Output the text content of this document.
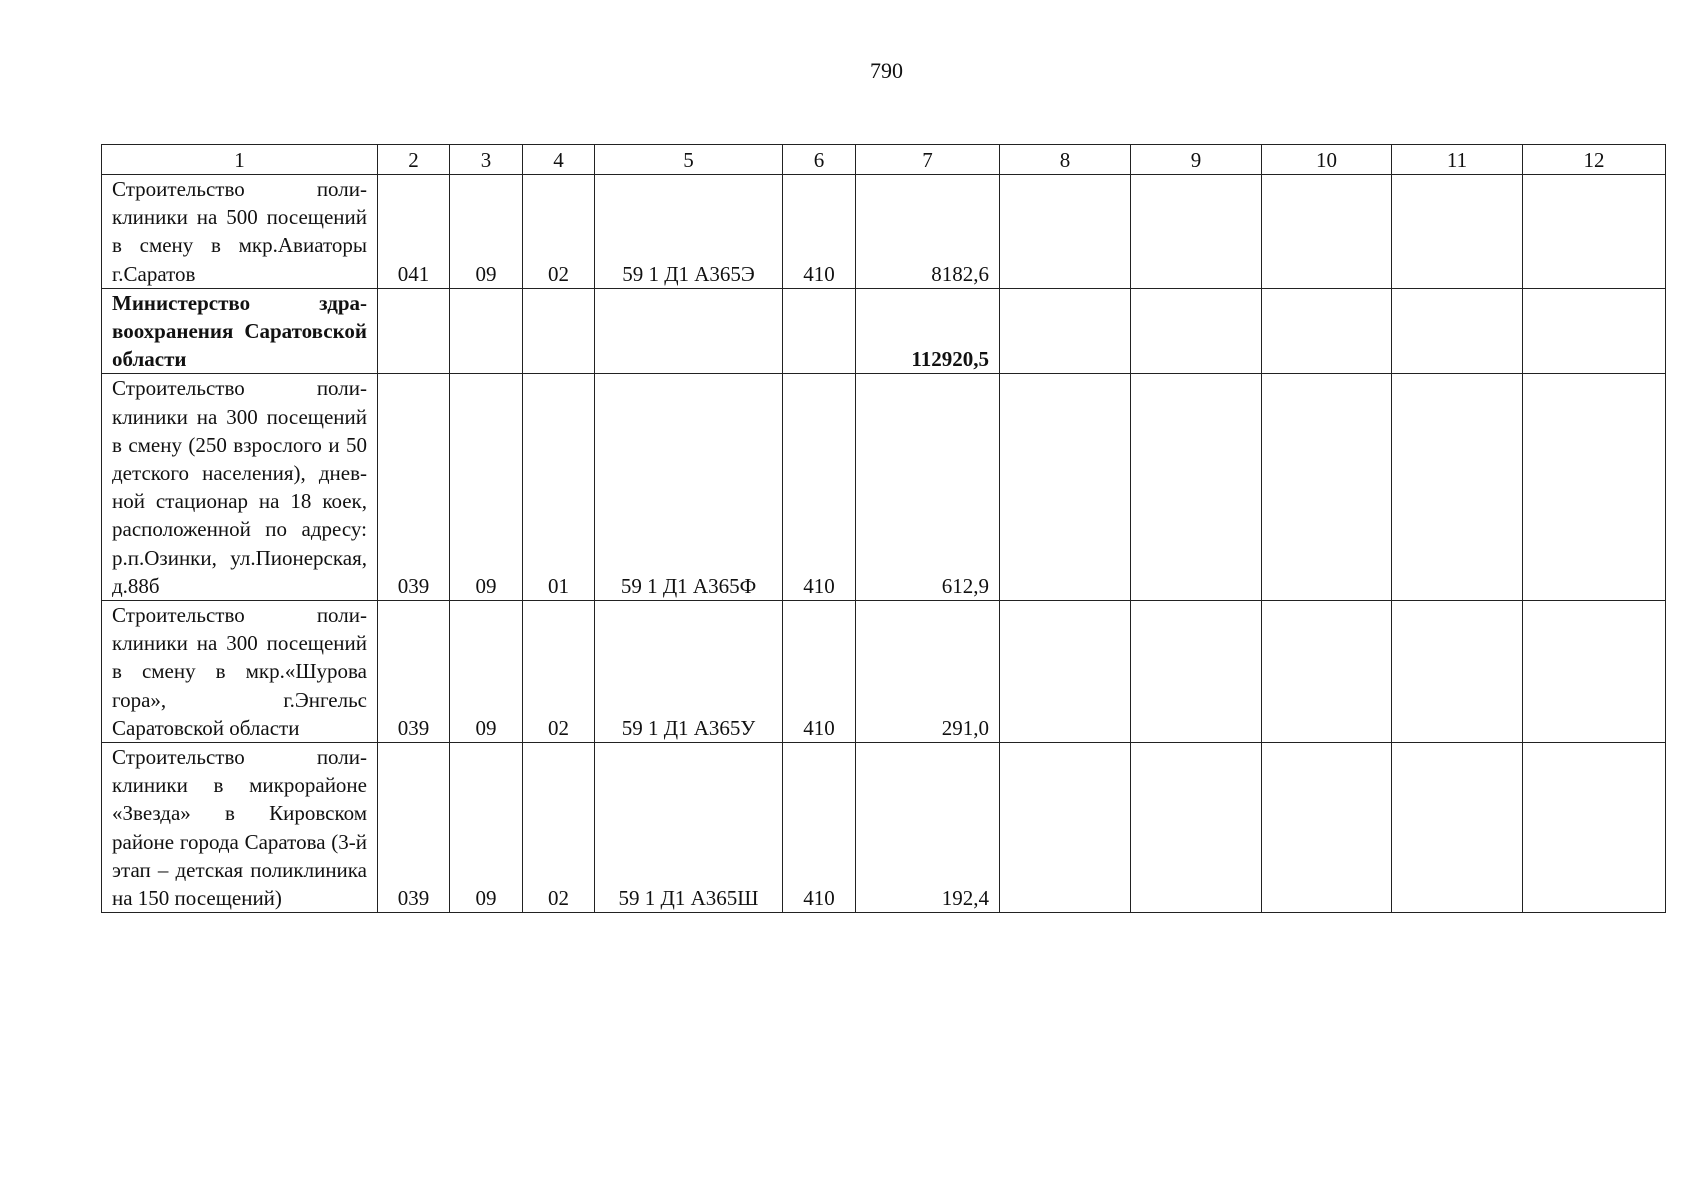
790
1	2	3	4	5	6	7	8	9	10	11	12
Строительство поликлиники на 500 посещений в смену в мкр.Авиаторы г.Саратов	041	09	02	59 1 Д1 А365Э	410	8182,6					
Министерство здравоохранения Саратовской области						112920,5					
Строительство поликлиники на 300 посещений в смену (250 взрослого и 50 детского населения), дневной стационар на 18 коек, расположенной по адресу: р.п.Озинки, ул.Пионерская, д.88б	039	09	01	59 1 Д1 А365Ф	410	612,9					
Строительство поликлиники на 300 посещений в смену в мкр.«Шурова гора», г.Энгельс Саратовской области	039	09	02	59 1 Д1 А365У	410	291,0					
Строительство поликлиники в микрорайоне «Звезда» в Кировском районе города Саратова (3-й этап – детская поликлиника на 150 посещений)	039	09	02	59 1 Д1 А365Ш	410	192,4					
